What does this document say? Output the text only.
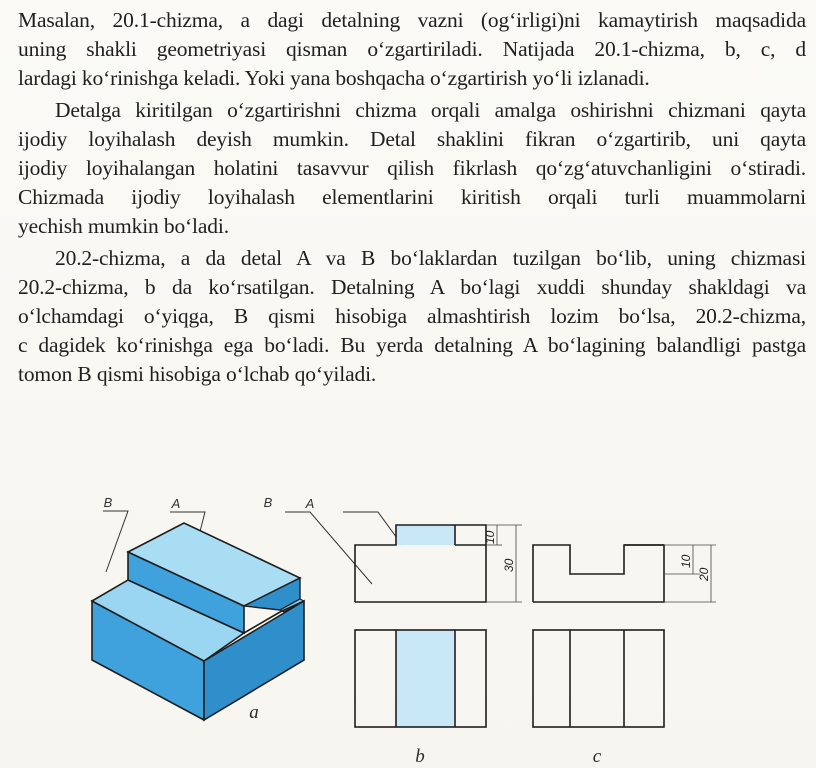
Masalan, 20.1-chizma, a dagi detalning vazni (og‘irligi)ni kamaytirish maqsadida
uning shakli geometriyasi qisman o‘zgartiriladi. Natijada 20.1-chizma, b, c, d
lardagi ko‘rinishga keladi. Yoki yana boshqacha o‘zgartirish yo‘li izlanadi.

Detalga kiritilgan o‘zgartirishni chizma orqali amalga oshirishni chizmani qayta
ijodiy loyihalash deyish mumkin. Detal shaklini fikran o‘zgartirib, uni qayta
ijodiy loyihalangan holatini tasavvur qilish fikrlash qo‘zg‘atuvchanligini o‘stiradi.
Chizmada ijodiy loyihalash elementlarini kiritish orqali turli muammolarni
yechish mumkin bo‘ladi.

20.2-chizma, a da detal A va B bo‘laklardan tuzilgan bo‘lib, uning chizmasi
20.2-chizma, b da ko‘rsatilgan. Detalning A bo‘lagi xuddi shunday shakldagi va
o‘lchamdagi o‘yiqga, B qismi hisobiga almashtirish lozim bo‘lsa, 20.2-chizma,
c dagidek ko‘rinishga ega bo‘ladi. Bu yerda detalning A bo‘lagining balandligi pastga
tomon B qismi hisobiga o‘lchab qo‘yiladi.

B	A
a
B	A
10
30
b
10
20
c
